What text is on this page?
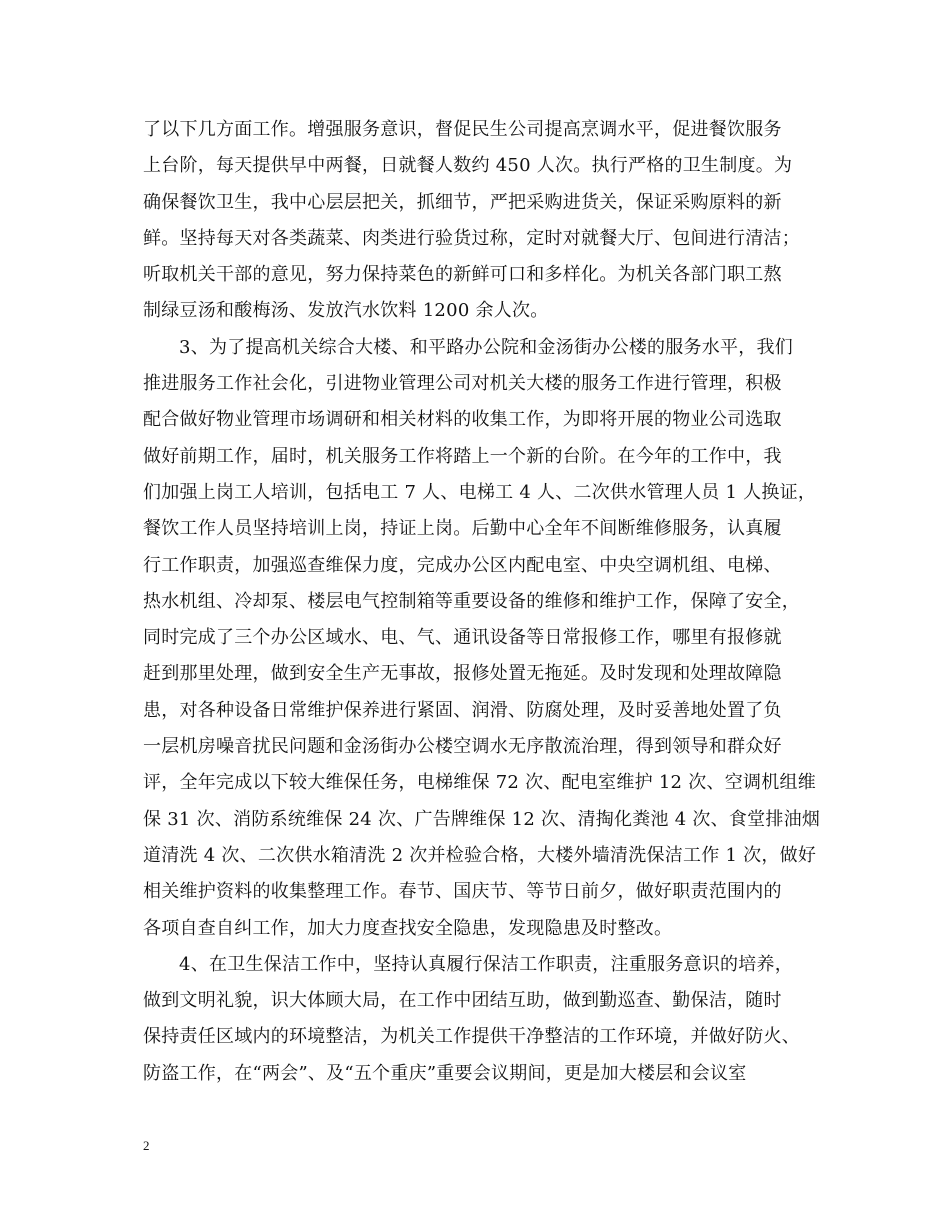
了以下几方面工作。增强服务意识，督促民生公司提高烹调水平，促进餐饮服务
上台阶，每天提供早中两餐，日就餐人数约 450 人次。执行严格的卫生制度。为
确保餐饮卫生，我中心层层把关，抓细节，严把采购进货关，保证采购原料的新
鲜。坚持每天对各类蔬菜、肉类进行验货过称，定时对就餐大厅、包间进行清洁；
听取机关干部的意见，努力保持菜色的新鲜可口和多样化。为机关各部门职工熬
制绿豆汤和酸梅汤、发放汽水饮料 1200 余人次。
3、为了提高机关综合大楼、和平路办公院和金汤街办公楼的服务水平，我们
推进服务工作社会化，引进物业管理公司对机关大楼的服务工作进行管理，积极
配合做好物业管理市场调研和相关材料的收集工作，为即将开展的物业公司选取
做好前期工作，届时，机关服务工作将踏上一个新的台阶。在今年的工作中，我
们加强上岗工人培训，包括电工 7 人、电梯工 4 人、二次供水管理人员 1 人换证，
餐饮工作人员坚持培训上岗，持证上岗。后勤中心全年不间断维修服务，认真履
行工作职责，加强巡查维保力度，完成办公区内配电室、中央空调机组、电梯、
热水机组、冷却泵、楼层电气控制箱等重要设备的维修和维护工作，保障了安全，
同时完成了三个办公区域水、电、气、通讯设备等日常报修工作，哪里有报修就
赶到那里处理，做到安全生产无事故，报修处置无拖延。及时发现和处理故障隐
患，对各种设备日常维护保养进行紧固、润滑、防腐处理，及时妥善地处置了负
一层机房噪音扰民问题和金汤街办公楼空调水无序散流治理，得到领导和群众好
评，全年完成以下较大维保任务，电梯维保 72 次、配电室维护 12 次、空调机组维
保 31 次、消防系统维保 24 次、广告牌维保 12 次、清掏化粪池 4 次、食堂排油烟
道清洗 4 次、二次供水箱清洗 2 次并检验合格，大楼外墙清洗保洁工作 1 次，做好
相关维护资料的收集整理工作。春节、国庆节、等节日前夕，做好职责范围内的
各项自查自纠工作，加大力度查找安全隐患，发现隐患及时整改。
4、在卫生保洁工作中，坚持认真履行保洁工作职责，注重服务意识的培养，
做到文明礼貌，识大体顾大局，在工作中团结互助，做到勤巡查、勤保洁，随时
保持责任区域内的环境整洁，为机关工作提供干净整洁的工作环境，并做好防火、
防盗工作，在“两会”、及“五个重庆”重要会议期间，更是加大楼层和会议室
2
